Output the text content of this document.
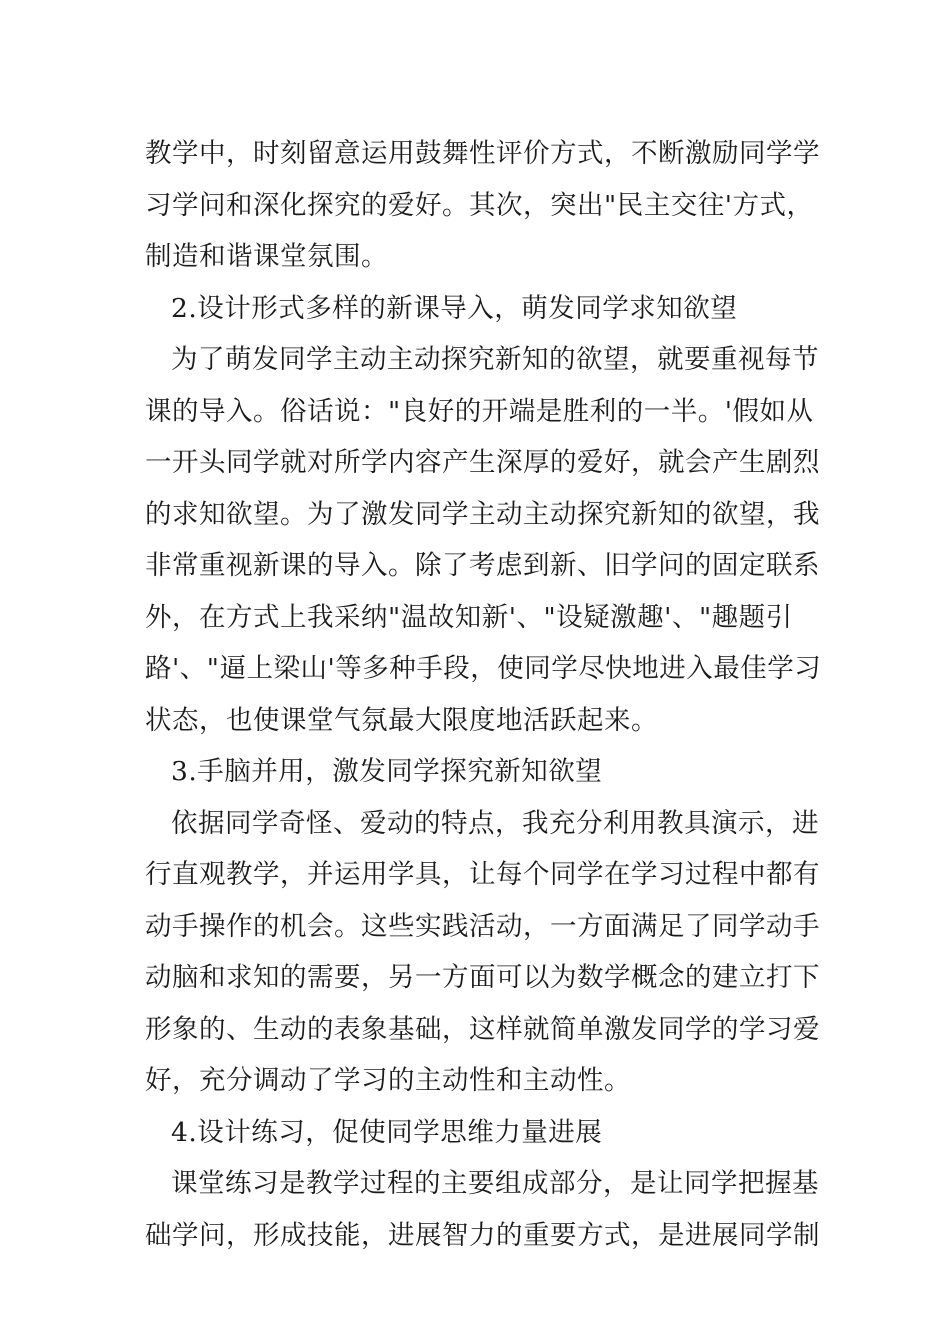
教学中，时刻留意运用鼓舞性评价方式，不断激励同学学
习学问和深化探究的爱好。其次，突出"民主交往'方式，
制造和谐课堂氛围。
2.设计形式多样的新课导入，萌发同学求知欲望
为了萌发同学主动主动探究新知的欲望，就要重视每节
课的导入。俗话说："良好的开端是胜利的一半。'假如从
一开头同学就对所学内容产生深厚的爱好，就会产生剧烈
的求知欲望。为了激发同学主动主动探究新知的欲望，我
非常重视新课的导入。除了考虑到新、旧学问的固定联系
外，在方式上我采纳"温故知新'、"设疑激趣'、"趣题引
路'、"逼上梁山'等多种手段，使同学尽快地进入最佳学习
状态，也使课堂气氛最大限度地活跃起来。
3.手脑并用，激发同学探究新知欲望
依据同学奇怪、爱动的特点，我充分利用教具演示，进
行直观教学，并运用学具，让每个同学在学习过程中都有
动手操作的机会。这些实践活动，一方面满足了同学动手
动脑和求知的需要，另一方面可以为数学概念的建立打下
形象的、生动的表象基础，这样就简单激发同学的学习爱
好，充分调动了学习的主动性和主动性。
4.设计练习，促使同学思维力量进展
课堂练习是教学过程的主要组成部分，是让同学把握基
础学问，形成技能，进展智力的重要方式，是进展同学制
